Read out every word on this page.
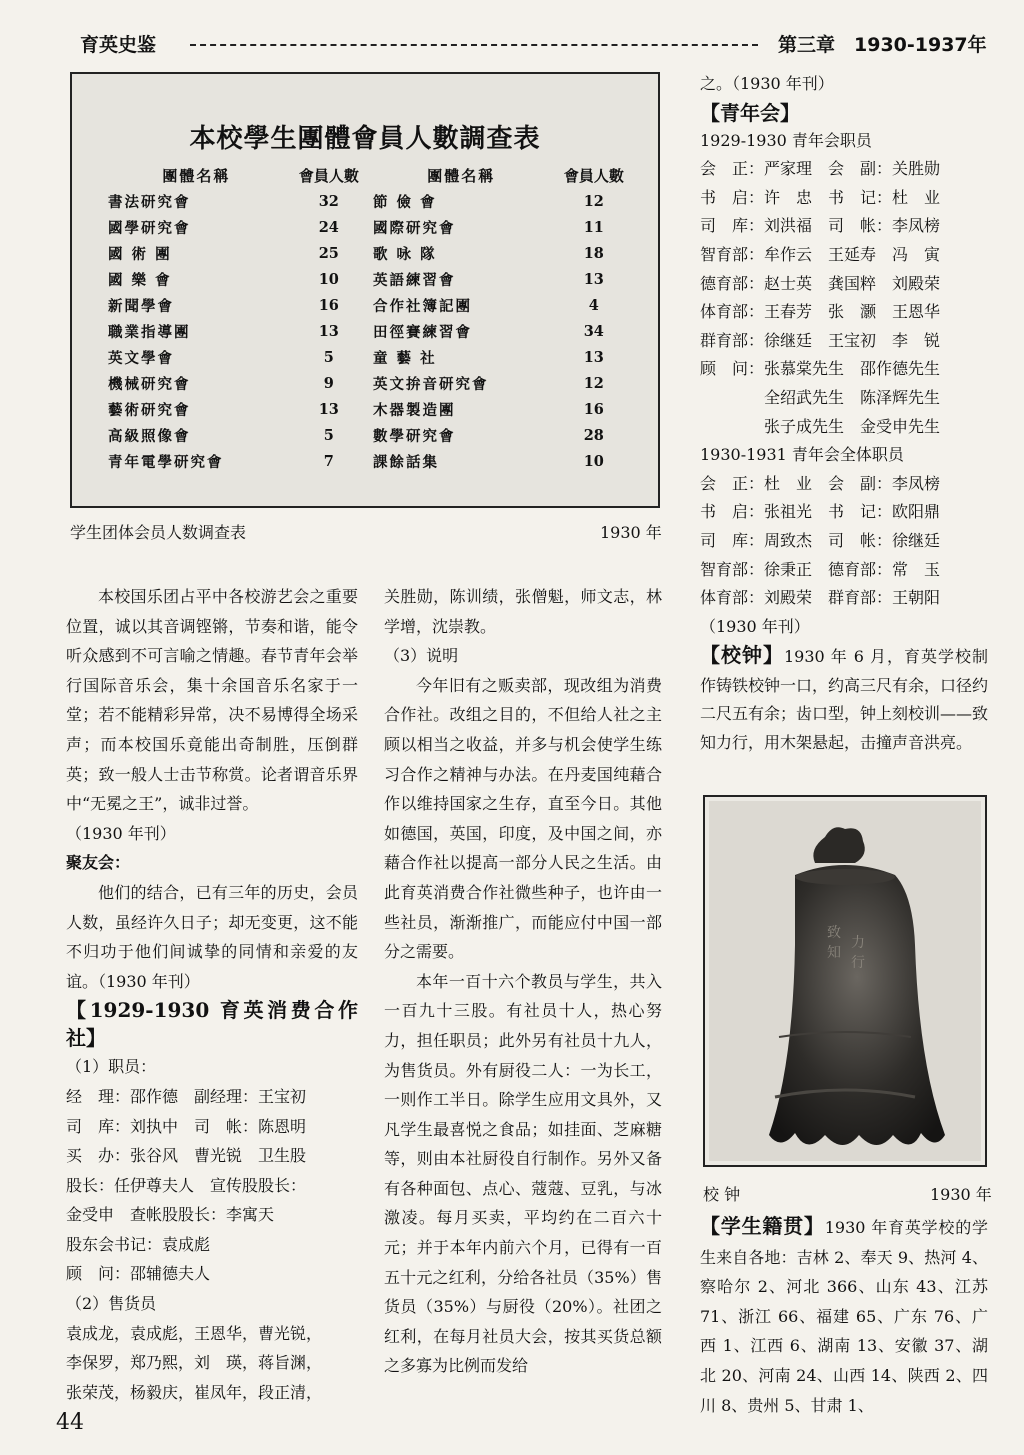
育英史鉴	第三章　1930-1937年
本校學生團體會員人數調查表
團體名稱	會員人數	團體名稱	會員人數
書法研究會	32	節 儉 會	12
國學研究會	24	國際研究會	11
國 術 團	25	歌 咏 隊	18
國 樂 會	10	英語練習會	13
新聞學會	16	合作社簿記團	4
職業指導團	13	田徑賽練習會	34
英文學會	5	童 藝 社	13
機械研究會	9	英文拚音研究會	12
藝術研究會	13	木器製造團	16
高級照像會	5	數學研究會	28
青年電學研究會	7	課餘話集	10
学生团体会员人数调查表	1930 年

本校国乐团占平中各校游艺会之重要位置，诚以其音调铿锵，节奏和谐，能令听众感到不可言喻之情趣。春节青年会举行国际音乐会，集十余国音乐名家于一堂；若不能精彩异常，决不易博得全场采声；而本校国乐竟能出奇制胜，压倒群英；致一般人士击节称赏。论者谓音乐界中“无冕之王”，诚非过誉。

（1930 年刊）

聚友会：

他们的结合，已有三年的历史，会员人数，虽经许久日子；却无变更，这不能不归功于他们间诚挚的同情和亲爱的友谊。（1930 年刊）

【1929-1930 育英消费合作社】

（1）职员：

经　理：邵作德　副经理：王宝初

司　库：刘执中　司　帐：陈恩明

买　办：张谷风　曹光锐　卫生股

股长：任伊尊夫人　宣传股股长：

金受申　查帐股股长：李寓天

股东会书记：袁成彪

顾　问：邵辅德夫人

（2）售货员

袁成龙，袁成彪，王恩华，曹光锐，

李保罗，郑乃熙，刘　瑛，蒋旨渊，

张荣茂，杨毅庆，崔凤年，段正清，

关胜勋，陈训绩，张僧魁，师文志，林学增，沈崇教。

（3）说明

今年旧有之贩卖部，现改组为消费合作社。改组之目的，不但给人社之主顾以相当之收益，并多与机会使学生练习合作之精神与办法。在丹麦国纯藉合作以维持国家之生存，直至今日。其他如德国，英国，印度，及中国之间，亦藉合作社以提高一部分人民之生活。由此育英消费合作社微些种子，也许由一些社员，渐渐推广，而能应付中国一部分之需要。

本年一百十六个教员与学生，共入一百九十三股。有社员十人，热心努力，担任职员；此外另有社员十九人，为售货员。外有厨役二人：一为长工，一则作工半日。除学生应用文具外，又凡学生最喜悦之食品；如挂面、芝麻糖等，则由本社厨役自行制作。另外又备有各种面包、点心、蔻蔻、豆乳，与冰激凌。每月买卖，平均约在二百六十元；并于本年内前六个月，已得有一百五十元之红利，分给各社员（35%）售货员（35%）与厨役（20%）。社团之红利，在每月社员大会，按其买货总额之多寡为比例而发给

之。（1930 年刊）

【青年会】

1929-1930 青年会职员

会　正：严家理　会　副：关胜勋

书　启：许　忠　书　记：杜　业

司　库：刘洪福　司　帐：李凤榜

智育部：牟作云　王延寿　冯　寅

德育部：赵士英　龚国粹　刘殿荣

体育部：王春芳　张　灏　王恩华

群育部：徐继廷　王宝初　李　锐

顾　问：张慕棠先生　邵作德先生

　　　　全绍武先生　陈泽辉先生

　　　　张子成先生　金受申先生

1930-1931 青年会全体职员

会　正：杜　业　会　副：李凤榜

书　启：张祖光　书　记：欧阳鼎

司　库：周致杰　司　帐：徐继廷

智育部：徐秉正　德育部：常　玉

体育部：刘殿荣　群育部：王朝阳

（1930 年刊）

【校钟】1930 年 6 月，育英学校制作铸铁校钟一口，约高三尺有余，口径约二尺五有余；齿口型，钟上刻校训——致知力行，用木架悬起，击撞声音洪亮。

致
知
力
行
校 钟	1930 年

【学生籍贯】1930 年育英学校的学生来自各地：吉林 2、奉天 9、热河 4、察哈尔 2、河北 366、山东 43、江苏 71、浙江 66、福建 65、广东 76、广西 1、江西 6、湖南 13、安徽 37、湖北 20、河南 24、山西 14、陕西 2、四川 8、贵州 5、甘肃 1、

44
